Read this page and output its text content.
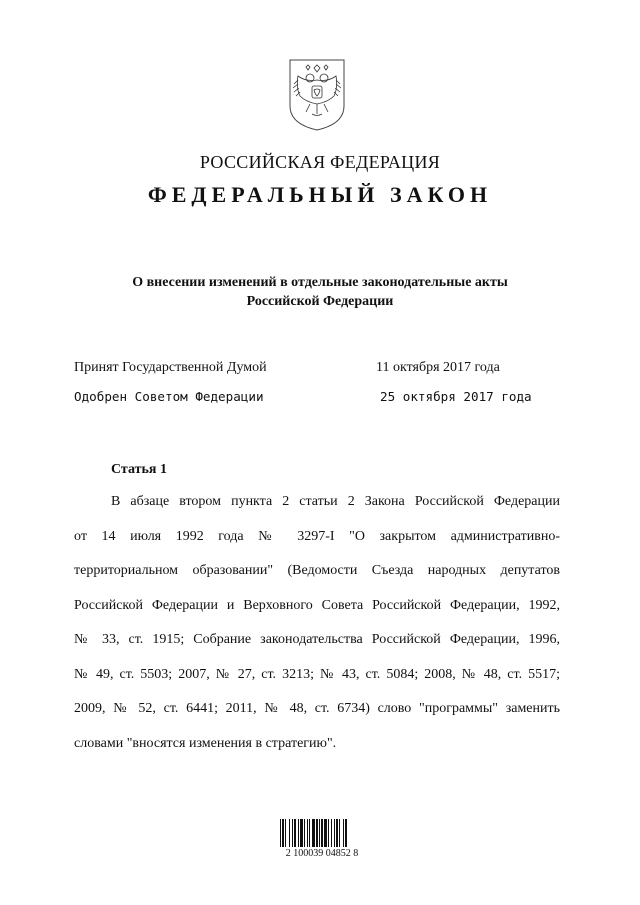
РОССИЙСКАЯ ФЕДЕРАЦИЯ
ФЕДЕРАЛЬНЫЙ ЗАКОН
О внесении изменений в отдельные законодательные акты
Российской Федерации
Принят Государственной Думой	11 октября 2017 года
Одобрен Советом Федерации	25 октября 2017 года
Статья 1
В абзаце втором пункта 2 статьи 2 Закона Российской Федерации
от 14 июля 1992 года № 3297-I "О закрытом административно-
территориальном образовании" (Ведомости Съезда народных депутатов
Российской Федерации и Верховного Совета Российской Федерации, 1992,
№ 33, ст. 1915; Собрание законодательства Российской Федерации, 1996,
№ 49, ст. 5503; 2007, № 27, ст. 3213; № 43, ст. 5084; 2008, № 48, ст. 5517;
2009, № 52, ст. 6441; 2011, № 48, ст. 6734) слово "программы" заменить
словами "вносятся изменения в стратегию".
2 100039 04852 8
